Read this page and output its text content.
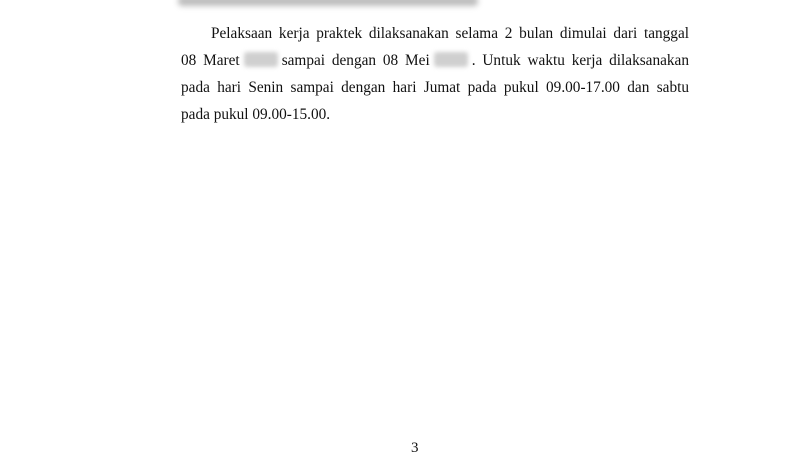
Pelaksaan kerja praktek dilaksanakan selama 2 bulan dimulai dari tanggal
08 Maret	sampai dengan 08 Mei	. Untuk waktu kerja dilaksanakan
pada hari Senin sampai dengan hari Jumat pada pukul 09.00-17.00 dan sabtu
pada pukul 09.00-15.00.

3
